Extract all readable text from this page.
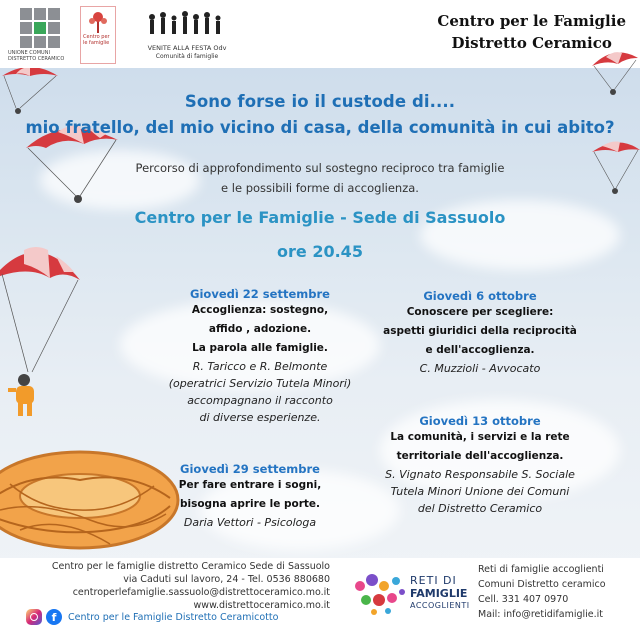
UNIONE COMUNI DISTRETTO CERAMICO
Centro per le famiglie
VENITE ALLA FESTA Odv
Comunità di famiglie
Centro per le Famiglie
Distretto Ceramico
Sono forse io il custode di....
mio fratello, del mio vicino di casa, della comunità in cui abito?
Percorso di approfondimento sul sostegno reciproco tra famiglie
e le possibili forme di accoglienza.
Centro per le Famiglie - Sede di Sassuolo
ore 20.45
Giovedì 22 settembre
Accoglienza: sostegno,
affido , adozione.
La parola alle famiglie.
R. Taricco e R. Belmonte
(operatrici Servizio Tutela Minori)
accompagnano il racconto
di diverse esperienze.
Giovedì 29 settembre
Per fare entrare i sogni,
bisogna aprire le porte.
Daria Vettori - Psicologa
Giovedì 6 ottobre
Conoscere per scegliere:
aspetti giuridici della reciprocità
e dell'accoglienza.
C. Muzzioli - Avvocato
Giovedì 13 ottobre
La comunità, i servizi e la rete
territoriale dell'accoglienza.
S. Vignato Responsabile S. Sociale
Tutela Minori Unione dei Comuni
del Distretto Ceramico
Centro per le famiglie distretto Ceramico Sede di Sassuolo
via Caduti sul lavoro, 24 - Tel. 0536 880680
centroperlefamiglie.sassuolo@distrettoceramico.mo.it
www.distrettoceramico.mo.it
f	Centro per le Famiglie Distretto Ceramicotto
RETI DI
FAMIGLIE
ACCOGLIENTI
Reti di famiglie accoglienti
Comuni Distretto ceramico
Cell. 331 407 0970
Mail: info@retidifamiglie.it
